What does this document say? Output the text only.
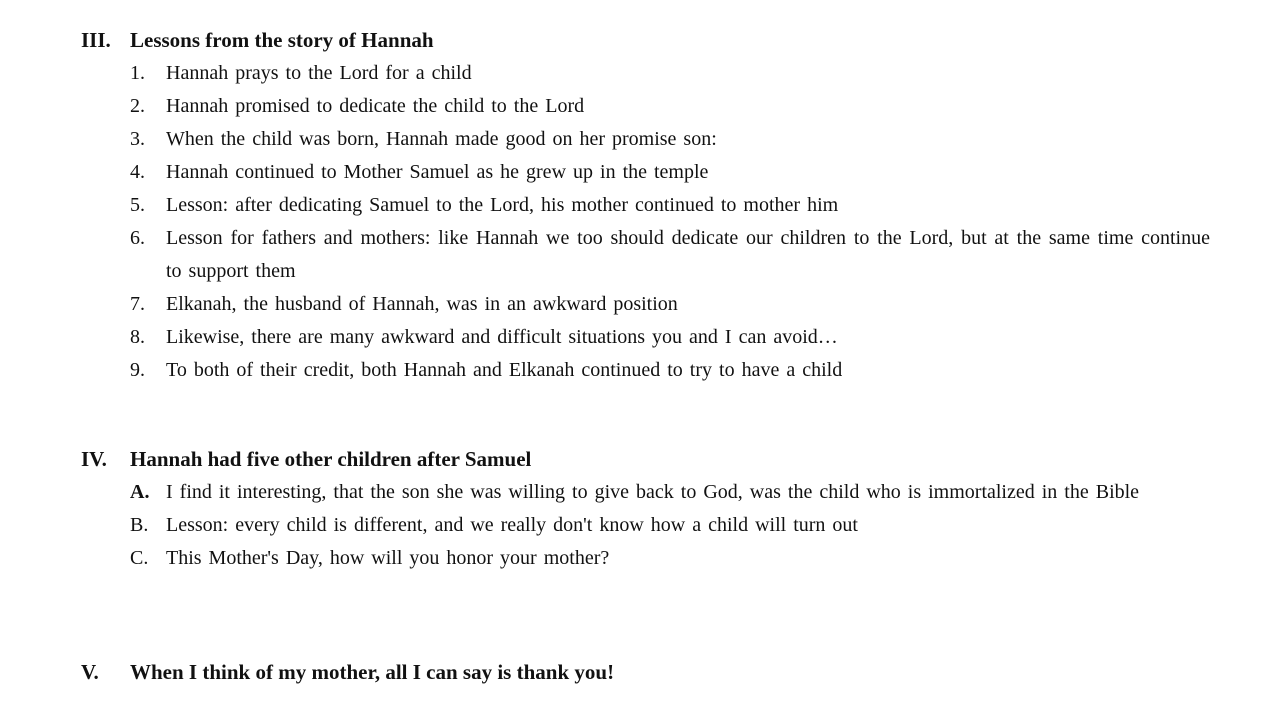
III. Lessons from the story of Hannah
1.	Hannah prays to the Lord for a child
2.	Hannah promised to dedicate the child to the Lord
3.	When the child was born, Hannah made good on her promise son:
4.	Hannah continued to Mother Samuel as he grew up in the temple
5.	Lesson: after dedicating Samuel to the Lord, his mother continued to mother him
6.	Lesson for fathers and mothers: like Hannah we too should dedicate our children to the Lord, but at the same time continue to support them
7.	Elkanah, the husband of Hannah, was in an awkward position
8.	Likewise, there are many awkward and difficult situations you and I can avoid…
9.	To both of their credit, both Hannah and Elkanah continued to try to have a child
IV.	Hannah had five other children after Samuel
A. I find it interesting, that the son she was willing to give back to God, was the child who is immortalized in the Bible
B. Lesson: every child is different, and we really don't know how a child will turn out
C. This Mother's Day, how will you honor your mother?
V.	When I think of my mother, all I can say is thank you!
